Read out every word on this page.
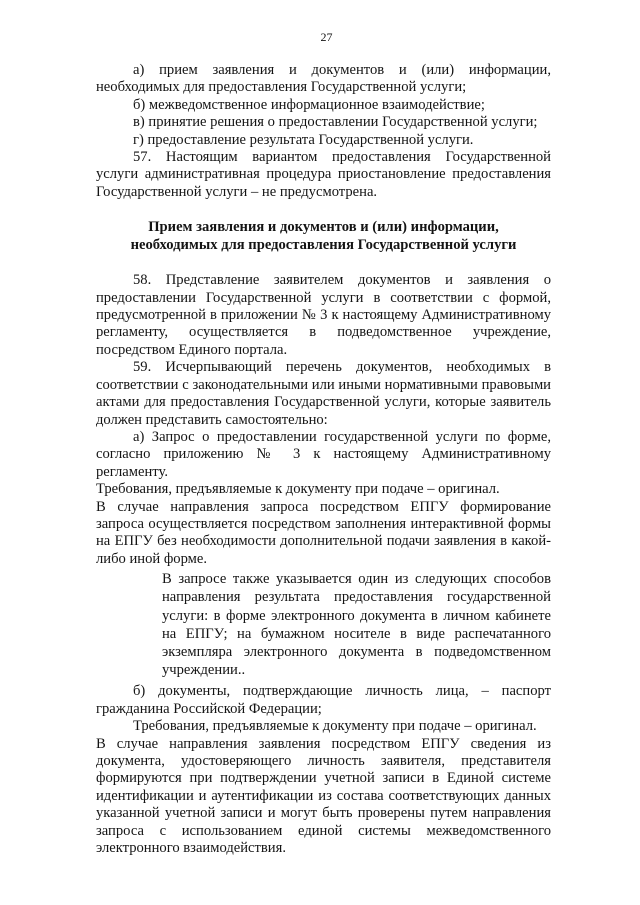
27

а) прием заявления и документов и (или) информации, необходимых для предоставления Государственной услуги;

б) межведомственное информационное взаимодействие;

в) принятие решения о предоставлении Государственной услуги;

г) предоставление результата Государственной услуги.

57. Настоящим вариантом предоставления Государственной услуги административная процедура приостановление предоставления Государственной услуги – не предусмотрена.

Прием заявления и документов и (или) информации,
необходимых для предоставления Государственной услуги

58. Представление заявителем документов и заявления о предоставлении Государственной услуги в соответствии с формой, предусмотренной в приложении № 3 к настоящему Административному регламенту, осуществляется в подведомственное учреждение, посредством Единого портала.

59. Исчерпывающий перечень документов, необходимых в соответствии с законодательными или иными нормативными правовыми актами для предоставления Государственной услуги, которые заявитель должен представить самостоятельно:

а) Запрос о предоставлении государственной услуги по форме, согласно приложению № 3 к настоящему Административному регламенту.

Требования, предъявляемые к документу при подаче – оригинал.

В случае направления запроса посредством ЕПГУ формирование запроса осуществляется посредством заполнения интерактивной формы на ЕПГУ без необходимости дополнительной подачи заявления в какой-либо иной форме.

В запросе также указывается один из следующих способов направления результата предоставления государственной услуги: в форме электронного документа в личном кабинете на ЕПГУ; на бумажном носителе в виде распечатанного экземпляра электронного документа в подведомственном учреждении..

б) документы, подтверждающие личность лица, – паспорт гражданина Российской Федерации;

Требования, предъявляемые к документу при подаче – оригинал.

В случае направления заявления посредством ЕПГУ сведения из документа, удостоверяющего личность заявителя, представителя формируются при подтверждении учетной записи в Единой системе идентификации и аутентификации из состава соответствующих данных указанной учетной записи и могут быть проверены путем направления запроса с использованием единой системы межведомственного электронного взаимодействия.
